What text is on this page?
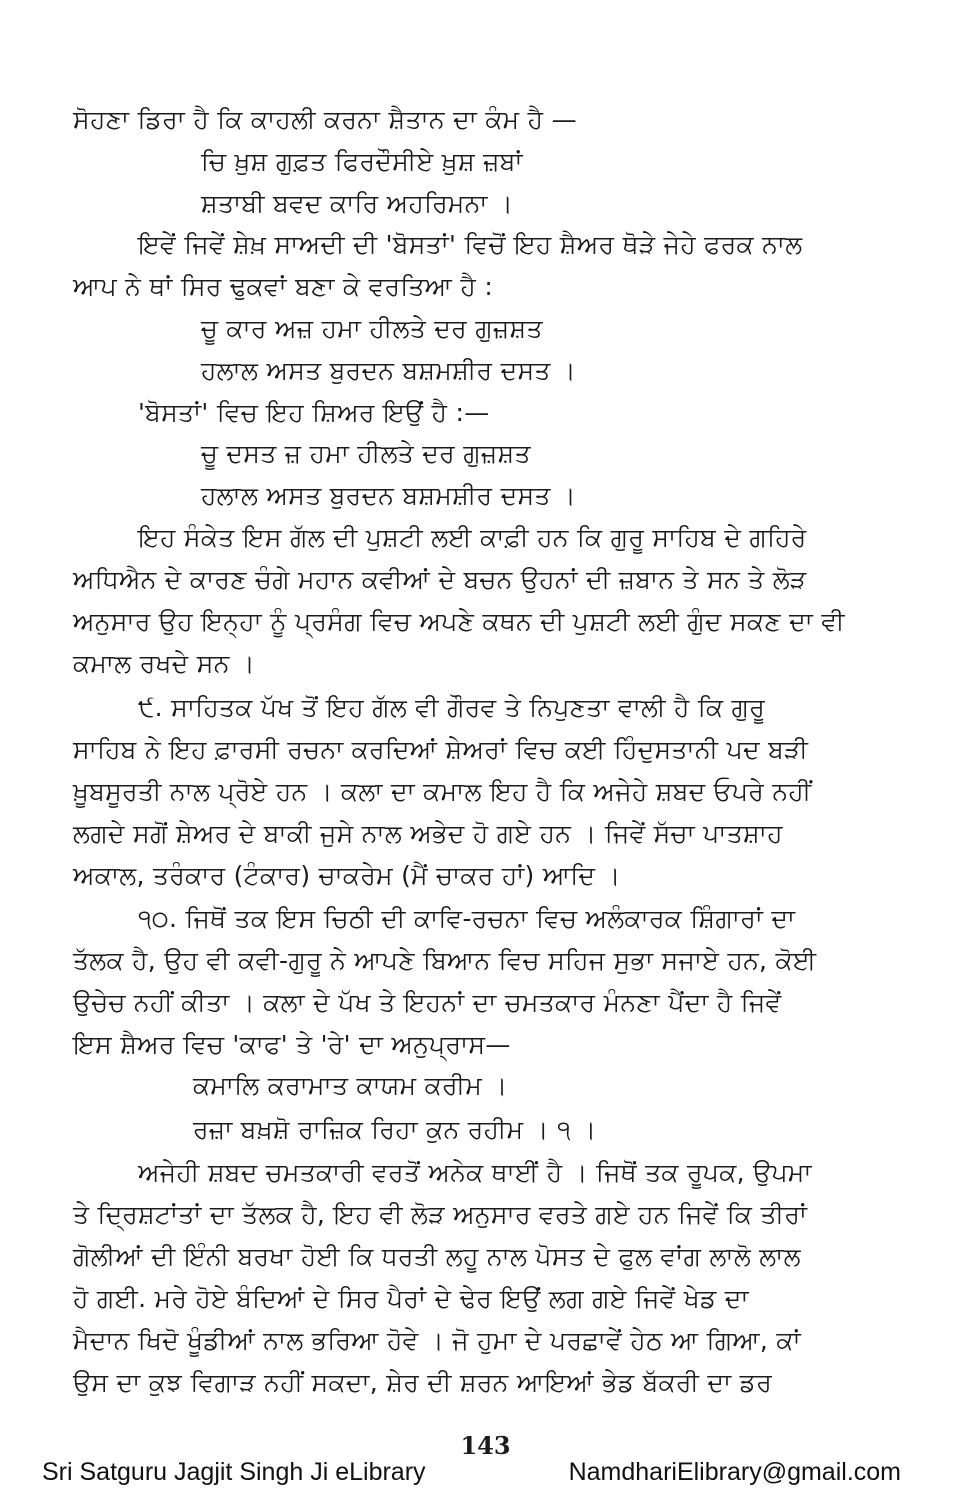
ਸੋਹਣਾ ਡਿਰਾ ਹੈ ਕਿ ਕਾਹਲੀ ਕਰਨਾ ਸ਼ੈਤਾਨ ਦਾ ਕੰਮ ਹੈ —
ਚਿ ਖ਼ੁਸ਼ ਗੁਫ਼ਤ ਫਿਰਦੌਸੀਏ ਖ਼ੁਸ਼ ਜ਼ਬਾਂ
ਸ਼ਤਾਬੀ ਬਵਦ ਕਾਰਿ ਅਹਰਿਮਨਾ ।
ਇਵੇਂ ਜਿਵੇਂ ਸ਼ੇਖ਼ ਸਾਅਦੀ ਦੀ 'ਬੋਸਤਾਂ' ਵਿਚੋਂ ਇਹ ਸ਼ੈਅਰ ਥੋੜੇ ਜੇਹੇ ਫਰਕ ਨਾਲ
ਆਪ ਨੇ ਥਾਂ ਸਿਰ ਢੁਕਵਾਂ ਬਣਾ ਕੇ ਵਰਤਿਆ ਹੈ :
ਚੂ ਕਾਰ ਅਜ਼ ਹਮਾ ਹੀਲਤੇ ਦਰ ਗੁਜ਼ਸ਼ਤ
ਹਲਾਲ ਅਸਤ ਬੁਰਦਨ ਬਸ਼ਮਸ਼ੀਰ ਦਸਤ ।
'ਬੋਸਤਾਂ' ਵਿਚ ਇਹ ਸ਼ਿਅਰ ਇਉਂ ਹੈ :—
ਚੂ ਦਸਤ ਜ਼ ਹਮਾ ਹੀਲਤੇ ਦਰ ਗੁਜ਼ਸ਼ਤ
ਹਲਾਲ ਅਸਤ ਬੁਰਦਨ ਬਸ਼ਮਸ਼ੀਰ ਦਸਤ ।
ਇਹ ਸੰਕੇਤ ਇਸ ਗੱਲ ਦੀ ਪੁਸ਼ਟੀ ਲਈ ਕਾਫ਼ੀ ਹਨ ਕਿ ਗੁਰੂ ਸਾਹਿਬ ਦੇ ਗਹਿਰੇ
ਅਧਿਐਨ ਦੇ ਕਾਰਣ ਚੰਗੇ ਮਹਾਨ ਕਵੀਆਂ ਦੇ ਬਚਨ ਉਹਨਾਂ ਦੀ ਜ਼ਬਾਨ ਤੇ ਸਨ ਤੇ ਲੋੜ
ਅਨੁਸਾਰ ਉਹ ਇਨ੍ਹਾ ਨੂੰ ਪ੍ਰਸੰਗ ਵਿਚ ਅਪਣੇ ਕਥਨ ਦੀ ਪੁਸ਼ਟੀ ਲਈ ਗੁੰਦ ਸਕਣ ਦਾ ਵੀ
ਕਮਾਲ ਰਖਦੇ ਸਨ ।
੯. ਸਾਹਿਤਕ ਪੱਖ ਤੋਂ ਇਹ ਗੱਲ ਵੀ ਗੌਰਵ ਤੇ ਨਿਪੁਣਤਾ ਵਾਲੀ ਹੈ ਕਿ ਗੁਰੂ
ਸਾਹਿਬ ਨੇ ਇਹ ਫ਼ਾਰਸੀ ਰਚਨਾ ਕਰਦਿਆਂ ਸ਼ੇਅਰਾਂ ਵਿਚ ਕਈ ਹਿੰਦੁਸਤਾਨੀ ਪਦ ਬੜੀ
ਖ਼ੂਬਸੂਰਤੀ ਨਾਲ ਪ੍ਰੋਏ ਹਨ । ਕਲਾ ਦਾ ਕਮਾਲ ਇਹ ਹੈ ਕਿ ਅਜੇਹੇ ਸ਼ਬਦ ਓਪਰੇ ਨਹੀਂ
ਲਗਦੇ ਸਗੋਂ ਸ਼ੇਅਰ ਦੇ ਬਾਕੀ ਜੁਸੇ ਨਾਲ ਅਭੇਦ ਹੋ ਗਏ ਹਨ । ਜਿਵੇਂ ਸੱਚਾ ਪਾਤਸ਼ਾਹ
ਅਕਾਲ, ਤਰੰਕਾਰ (ਟੰਕਾਰ) ਚਾਕਰੇਮ (ਮੈਂ ਚਾਕਰ ਹਾਂ) ਆਦਿ ।
੧੦. ਜਿਥੋਂ ਤਕ ਇਸ ਚਿਠੀ ਦੀ ਕਾਵਿ-ਰਚਨਾ ਵਿਚ ਅਲੰਕਾਰਕ ਸ਼ਿੰਗਾਰਾਂ ਦਾ
ਤੱਲਕ ਹੈ, ਉਹ ਵੀ ਕਵੀ-ਗੁਰੂ ਨੇ ਆਪਣੇ ਬਿਆਨ ਵਿਚ ਸਹਿਜ ਸੁਭਾ ਸਜਾਏ ਹਨ, ਕੋਈ
ਉਚੇਚ ਨਹੀਂ ਕੀਤਾ । ਕਲਾ ਦੇ ਪੱਖ ਤੇ ਇਹਨਾਂ ਦਾ ਚਮਤਕਾਰ ਮੰਨਣਾ ਪੈਂਦਾ ਹੈ ਜਿਵੇਂ
ਇਸ ਸ਼ੈਅਰ ਵਿਚ 'ਕਾਫ' ਤੇ 'ਰੇ' ਦਾ ਅਨੁਪ੍ਰਾਸ—
ਕਮਾਲਿ ਕਰਾਮਾਤ ਕਾਯਮ ਕਰੀਮ ।
ਰਜ਼ਾ ਬਖ਼ਸ਼ੋ ਰਾਜ਼ਿਕ ਰਿਹਾ ਕੁਨ ਰਹੀਮ । ੧ ।
ਅਜੇਹੀ ਸ਼ਬਦ ਚਮਤਕਾਰੀ ਵਰਤੋਂ ਅਨੇਕ ਥਾਈਂ ਹੈ । ਜਿਥੋਂ ਤਕ ਰੂਪਕ, ਉਪਮਾ
ਤੇ ਦ੍ਰਿਸ਼ਟਾਂਤਾਂ ਦਾ ਤੱਲਕ ਹੈ, ਇਹ ਵੀ ਲੋੜ ਅਨੁਸਾਰ ਵਰਤੇ ਗਏ ਹਨ ਜਿਵੇਂ ਕਿ ਤੀਰਾਂ
ਗੋਲੀਆਂ ਦੀ ਇੰਨੀ ਬਰਖਾ ਹੋਈ ਕਿ ਧਰਤੀ ਲਹੂ ਨਾਲ ਪੋਸਤ ਦੇ ਫੁਲ ਵਾਂਗ ਲਾਲੋ ਲਾਲ
ਹੋ ਗਈ. ਮਰੇ ਹੋਏ ਬੰਦਿਆਂ ਦੇ ਸਿਰ ਪੈਰਾਂ ਦੇ ਢੇਰ ਇਉਂ ਲਗ ਗਏ ਜਿਵੇਂ ਖੇਡ ਦਾ
ਮੈਦਾਨ ਖਿਦੋ ਖੂੰਡੀਆਂ ਨਾਲ ਭਰਿਆ ਹੋਵੇ । ਜੋ ਹੁਮਾ ਦੇ ਪਰਛਾਵੇਂ ਹੇਠ ਆ ਗਿਆ, ਕਾਂ
ਉਸ ਦਾ ਕੁਝ ਵਿਗਾੜ ਨਹੀਂ ਸਕਦਾ, ਸ਼ੇਰ ਦੀ ਸ਼ਰਨ ਆਇਆਂ ਭੇਡ ਬੱਕਰੀ ਦਾ ਡਰ
143
Sri Satguru Jagjit Singh Ji eLibrary	NamdhariElibrary@gmail.com
